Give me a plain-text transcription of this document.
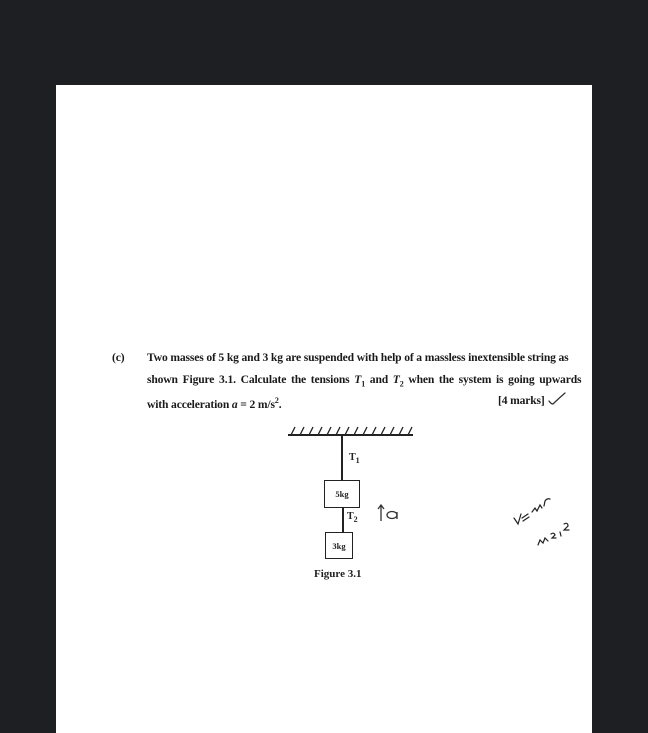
(c) Two masses of 5 kg and 3 kg are suspended with help of a massless inextensible string as
shown Figure 3.1. Calculate the tensions $T_1$ and $T_2$ when the system is going upwards
with acceleration a = 2 $m/s^2$.	[4 marks]
$T_1$
5kg
$T_2$
3kg
Figure 3.1
